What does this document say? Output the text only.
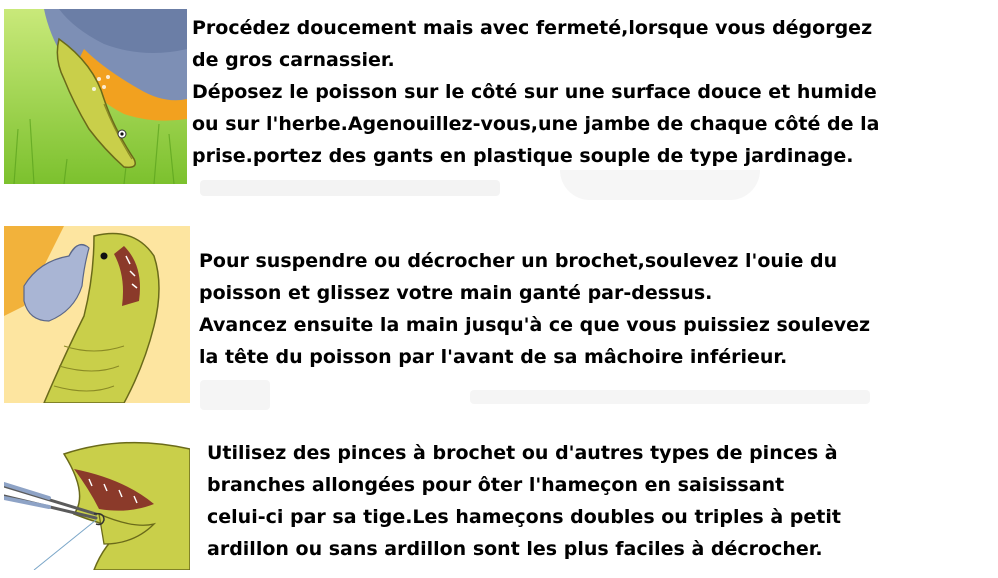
Procédez doucement mais avec fermeté,lorsque vous dégorgez
de gros carnassier.
Déposez le poisson sur le côté sur une surface douce et humide
ou sur l'herbe.Agenouillez-vous,une jambe de chaque côté de la
prise.portez des gants en plastique souple de type jardinage.
Pour suspendre ou décrocher un brochet,soulevez l'ouie du
poisson et glissez votre main ganté par-dessus.
Avancez ensuite la main jusqu'à ce que vous puissiez soulevez
la tête du poisson par l'avant de sa mâchoire inférieur.
Utilisez des pinces à brochet ou d'autres types de pinces à
branches allongées pour ôter l'hameçon en saisissant
celui-ci par sa tige.Les hameçons doubles ou triples à petit
ardillon ou sans ardillon sont les plus faciles à décrocher.
